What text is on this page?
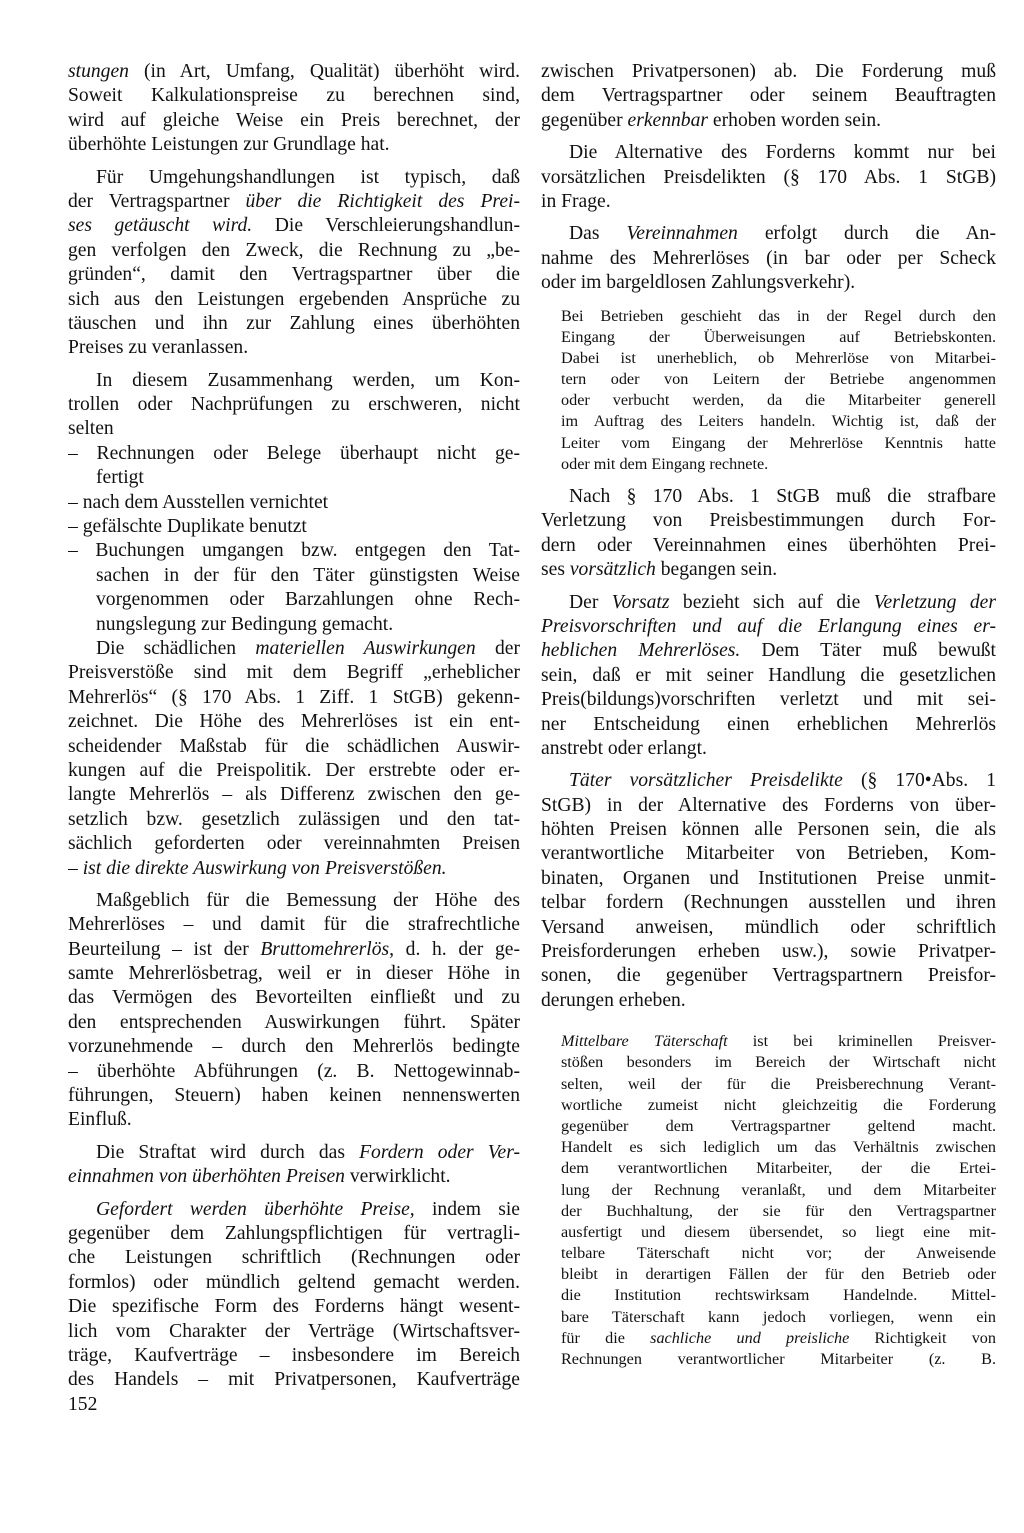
stungen (in Art, Umfang, Qualität) überhöht wird.
Soweit Kalkulationspreise zu berechnen sind,
wird auf gleiche Weise ein Preis berechnet, der
überhöhte Leistungen zur Grundlage hat.
Für Umgehungshandlungen ist typisch, daß
der Vertragspartner über die Richtigkeit des Prei-
ses getäuscht wird. Die Verschleierungshandlun-
gen verfolgen den Zweck, die Rechnung zu „be-
gründen“, damit den Vertragspartner über die
sich aus den Leistungen ergebenden Ansprüche zu
täuschen und ihn zur Zahlung eines überhöhten
Preises zu veranlassen.
In diesem Zusammenhang werden, um Kon-
trollen oder Nachprüfungen zu erschweren, nicht
selten
– Rechnungen oder Belege überhaupt nicht ge-
fertigt
– nach dem Ausstellen vernichtet
– gefälschte Duplikate benutzt
– Buchungen umgangen bzw. entgegen den Tat-
sachen in der für den Täter günstigsten Weise
vorgenommen oder Barzahlungen ohne Rech-
nungslegung zur Bedingung gemacht.
Die schädlichen materiellen Auswirkungen der
Preisverstöße sind mit dem Begriff „erheblicher
Mehrerlös“ (§ 170 Abs. 1 Ziff. 1 StGB) gekenn-
zeichnet. Die Höhe des Mehrerlöses ist ein ent-
scheidender Maßstab für die schädlichen Auswir-
kungen auf die Preispolitik. Der erstrebte oder er-
langte Mehrerlös – als Differenz zwischen den ge-
setzlich bzw. gesetzlich zulässigen und den tat-
sächlich geforderten oder vereinnahmten Preisen
– ist die direkte Auswirkung von Preisverstößen.
Maßgeblich für die Bemessung der Höhe des
Mehrerlöses – und damit für die strafrechtliche
Beurteilung – ist der Bruttomehrerlös, d. h. der ge-
samte Mehrerlösbetrag, weil er in dieser Höhe in
das Vermögen des Bevorteilten einfließt und zu
den entsprechenden Auswirkungen führt. Später
vorzunehmende – durch den Mehrerlös bedingte
– überhöhte Abführungen (z. B. Nettogewinnab-
führungen, Steuern) haben keinen nennenswerten
Einfluß.
Die Straftat wird durch das Fordern oder Ver-
einnahmen von überhöhten Preisen verwirklicht.
Gefordert werden überhöhte Preise, indem sie
gegenüber dem Zahlungspflichtigen für vertragli-
che Leistungen schriftlich (Rechnungen oder
formlos) oder mündlich geltend gemacht werden.
Die spezifische Form des Forderns hängt wesent-
lich vom Charakter der Verträge (Wirtschaftsver-
träge, Kaufverträge – insbesondere im Bereich
des Handels – mit Privatpersonen, Kaufverträge
zwischen Privatpersonen) ab. Die Forderung muß
dem Vertragspartner oder seinem Beauftragten
gegenüber erkennbar erhoben worden sein.
Die Alternative des Forderns kommt nur bei
vorsätzlichen Preisdelikten (§ 170 Abs. 1 StGB)
in Frage.
Das Vereinnahmen erfolgt durch die An-
nahme des Mehrerlöses (in bar oder per Scheck
oder im bargeldlosen Zahlungsverkehr).
Bei Betrieben geschieht das in der Regel durch den
Eingang der Überweisungen auf Betriebskonten.
Dabei ist unerheblich, ob Mehrerlöse von Mitarbei-
tern oder von Leitern der Betriebe angenommen
oder verbucht werden, da die Mitarbeiter generell
im Auftrag des Leiters handeln. Wichtig ist, daß der
Leiter vom Eingang der Mehrerlöse Kenntnis hatte
oder mit dem Eingang rechnete.
Nach § 170 Abs. 1 StGB muß die strafbare
Verletzung von Preisbestimmungen durch For-
dern oder Vereinnahmen eines überhöhten Prei-
ses vorsätzlich begangen sein.
Der Vorsatz bezieht sich auf die Verletzung der
Preisvorschriften und auf die Erlangung eines er-
heblichen Mehrerlöses. Dem Täter muß bewußt
sein, daß er mit seiner Handlung die gesetzlichen
Preis(bildungs)vorschriften verletzt und mit sei-
ner Entscheidung einen erheblichen Mehrerlös
anstrebt oder erlangt.
Täter vorsätzlicher Preisdelikte (§ 170•Abs. 1
StGB) in der Alternative des Forderns von über-
höhten Preisen können alle Personen sein, die als
verantwortliche Mitarbeiter von Betrieben, Kom-
binaten, Organen und Institutionen Preise unmit-
telbar fordern (Rechnungen ausstellen und ihren
Versand anweisen, mündlich oder schriftlich
Preisforderungen erheben usw.), sowie Privatper-
sonen, die gegenüber Vertragspartnern Preisfor-
derungen erheben.
Mittelbare Täterschaft ist bei kriminellen Preisver-
stößen besonders im Bereich der Wirtschaft nicht
selten, weil der für die Preisberechnung Verant-
wortliche zumeist nicht gleichzeitig die Forderung
gegenüber dem Vertragspartner geltend macht.
Handelt es sich lediglich um das Verhältnis zwischen
dem verantwortlichen Mitarbeiter, der die Ertei-
lung der Rechnung veranlaßt, und dem Mitarbeiter
der Buchhaltung, der sie für den Vertragspartner
ausfertigt und diesem übersendet, so liegt eine mit-
telbare Täterschaft nicht vor; der Anweisende
bleibt in derartigen Fällen der für den Betrieb oder
die Institution rechtswirksam Handelnde. Mittel-
bare Täterschaft kann jedoch vorliegen, wenn ein
für die sachliche und preisliche Richtigkeit von
Rechnungen verantwortlicher Mitarbeiter (z. B.
152
